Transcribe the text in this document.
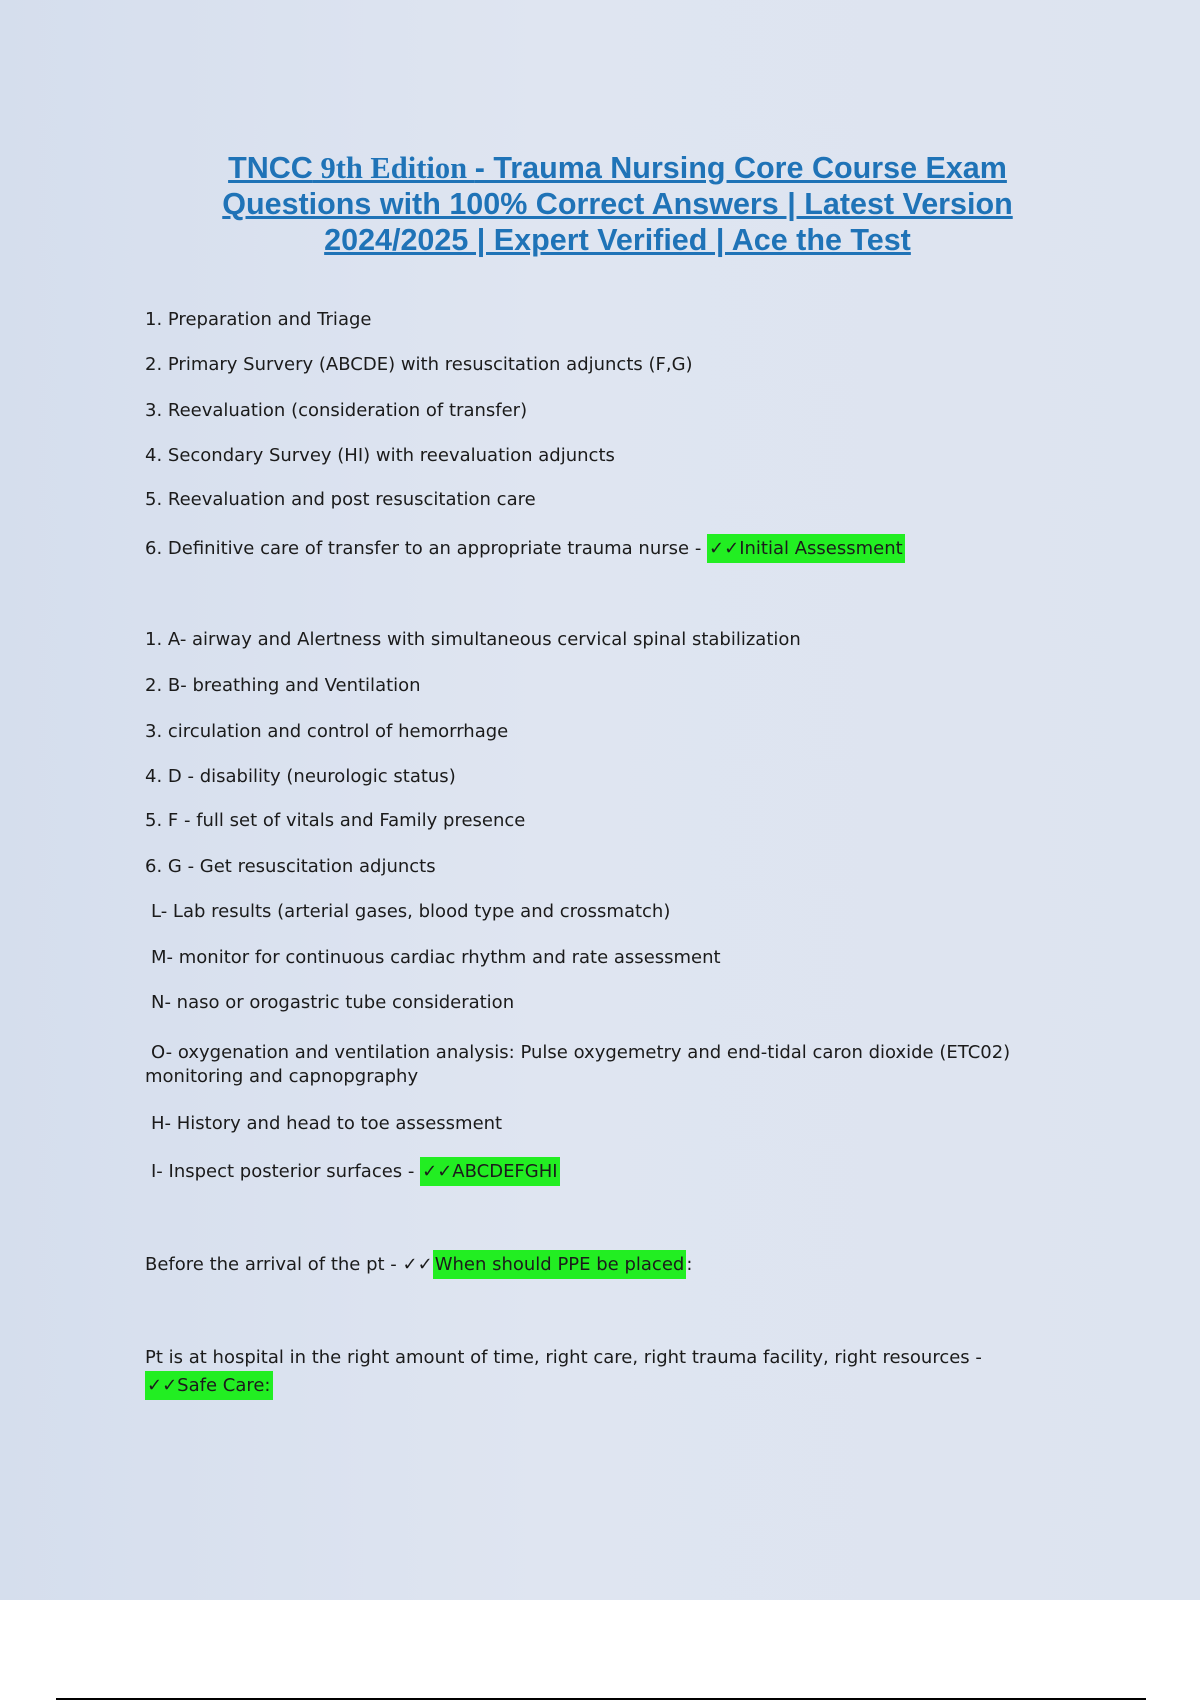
TNCC 9th Edition - Trauma Nursing Core Course Exam
Questions with 100% Correct Answers | Latest Version
2024/2025 | Expert Verified | Ace the Test

1. Preparation and Triage

2. Primary Survery (ABCDE) with resuscitation adjuncts (F,G)

3. Reevaluation (consideration of transfer)

4. Secondary Survey (HI) with reevaluation adjuncts

5. Reevaluation and post resuscitation care

6. Definitive care of transfer to an appropriate trauma nurse - ✓✓Initial Assessment

1. A- airway and Alertness with simultaneous cervical spinal stabilization

2. B- breathing and Ventilation

3. circulation and control of hemorrhage

4. D - disability (neurologic status)

5. F - full set of vitals and Family presence

6. G - Get resuscitation adjuncts

L- Lab results (arterial gases, blood type and crossmatch)

M- monitor for continuous cardiac rhythm and rate assessment

N- naso or orogastric tube consideration

O- oxygenation and ventilation analysis: Pulse oxygemetry and end-tidal caron dioxide (ETC02) monitoring and capnopgraphy

H- History and head to toe assessment

I- Inspect posterior surfaces - ✓✓ABCDEFGHI

Before the arrival of the pt - ✓✓ When should PPE be placed :

Pt is at hospital in the right amount of time, right care, right trauma facility, right resources -
✓✓Safe Care:
